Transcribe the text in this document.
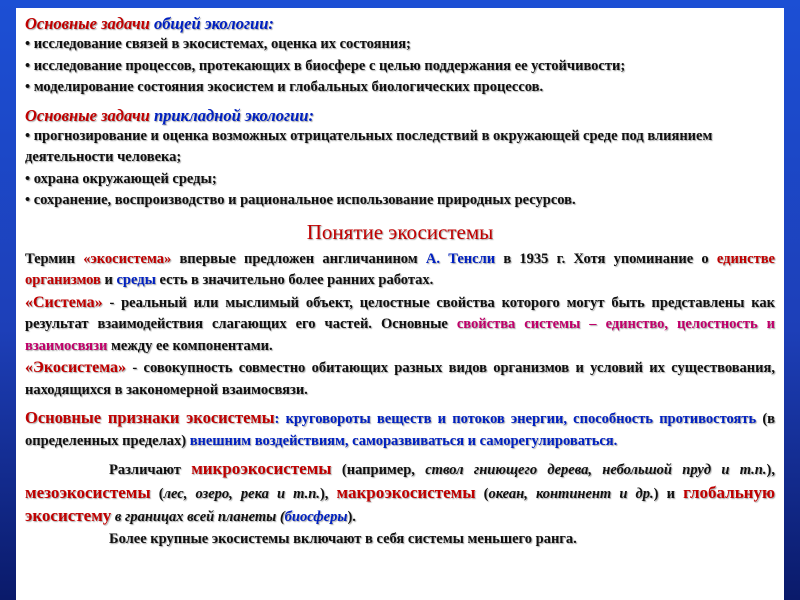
Основные задачи общей экологии:
• исследование связей в экосистемах, оценка их состояния;
• исследование процессов, протекающих в биосфере с целью поддержания ее устойчивости;
• моделирование состояния экосистем и глобальных биологических процессов.
Основные задачи прикладной экологии:
• прогнозирование и оценка возможных отрицательных последствий в окружающей среде под влиянием деятельности человека;
• охрана окружающей среды;
• сохранение, воспроизводство и рациональное использование природных ресурсов.
Понятие экосистемы
Термин «экосистема» впервые предложен англичанином А. Тенсли в 1935 г. Хотя упоминание о единстве организмов и среды есть в значительно более ранних работах.
«Система» - реальный или мыслимый объект, целостные свойства которого могут быть представлены как результат взаимодействия слагающих его частей. Основные свойства системы – единство, целостность и взаимосвязи между ее компонентами.
«Экосистема» - совокупность совместно обитающих разных видов организмов и условий их существования, находящихся в закономерной взаимосвязи.
Основные признаки экосистемы: круговороты веществ и потоков энергии, способность противостоять (в определенных пределах) внешним воздействиям, саморазвиваться и саморегулироваться.
Различают микроэкосистемы (например, ствол гниющего дерева, небольшой пруд и т.п.), мезоэкосистемы (лес, озеро, река и т.п.), макроэкосистемы (океан, континент и др.) и глобальную экосистему в границах всей планеты (биосферы).
Более крупные экосистемы включают в себя системы меньшего ранга.
